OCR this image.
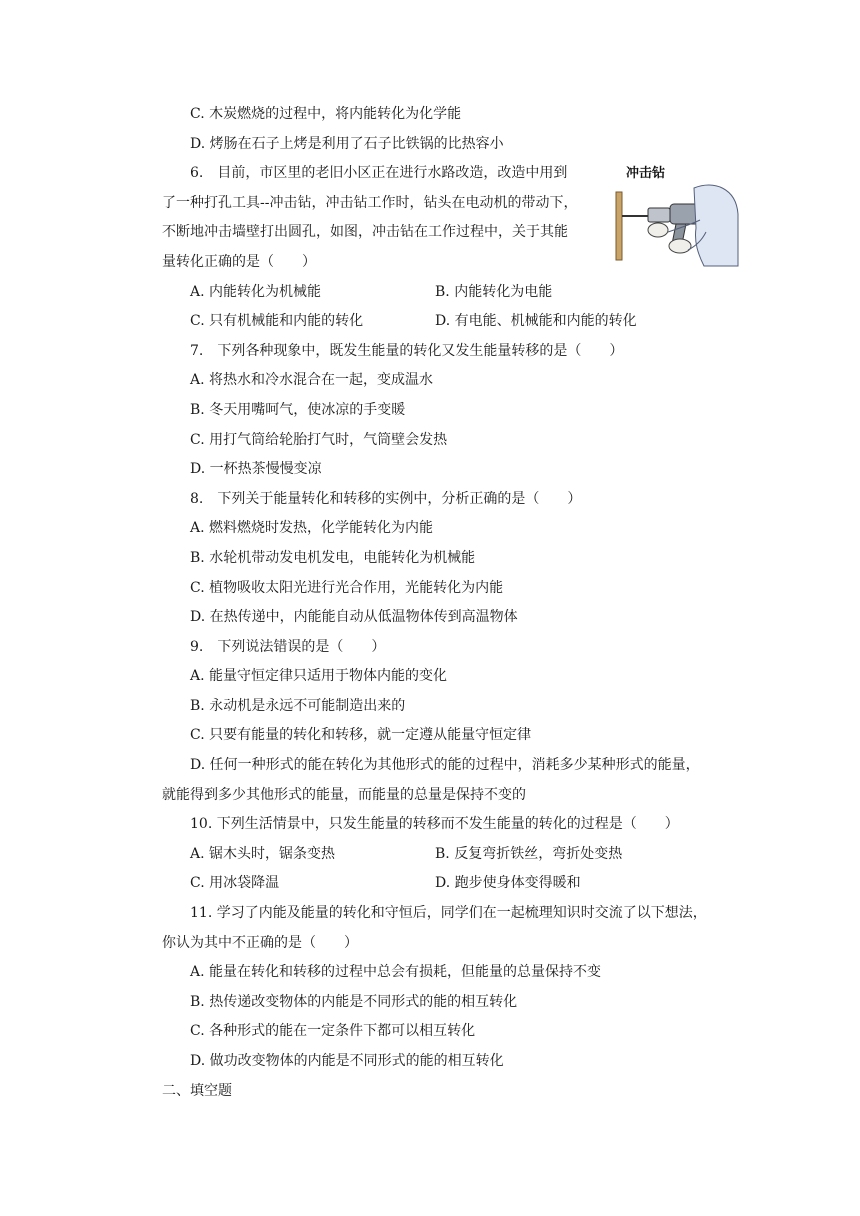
冲击钻
C. 木炭燃烧的过程中，将内能转化为化学能
D. 烤肠在石子上烤是利用了石子比铁锅的比热容小
6.　目前，市区里的老旧小区正在进行水路改造，改造中用到
了一种打孔工具--冲击钻，冲击钻工作时，钻头在电动机的带动下，
不断地冲击墙壁打出圆孔，如图，冲击钻在工作过程中，关于其能
量转化正确的是（　　）
A. 内能转化为机械能	B. 内能转化为电能
C. 只有机械能和内能的转化	D. 有电能、机械能和内能的转化
7.　下列各种现象中，既发生能量的转化又发生能量转移的是（　　）
A. 将热水和冷水混合在一起，变成温水
B. 冬天用嘴呵气，使冰凉的手变暖
C. 用打气筒给轮胎打气时，气筒壁会发热
D. 一杯热茶慢慢变凉
8.　下列关于能量转化和转移的实例中，分析正确的是（　　）
A. 燃料燃烧时发热，化学能转化为内能
B. 水轮机带动发电机发电，电能转化为机械能
C. 植物吸收太阳光进行光合作用，光能转化为内能
D. 在热传递中，内能能自动从低温物体传到高温物体
9.　下列说法错误的是（　　）
A. 能量守恒定律只适用于物体内能的变化
B. 永动机是永远不可能制造出来的
C. 只要有能量的转化和转移，就一定遵从能量守恒定律
D. 任何一种形式的能在转化为其他形式的能的过程中，消耗多少某种形式的能量，
就能得到多少其他形式的能量，而能量的总量是保持不变的
10. 下列生活情景中，只发生能量的转移而不发生能量的转化的过程是（　　）
A. 锯木头时，锯条变热	B. 反复弯折铁丝，弯折处变热
C. 用冰袋降温	D. 跑步使身体变得暖和
11. 学习了内能及能量的转化和守恒后，同学们在一起梳理知识时交流了以下想法，
你认为其中不正确的是（　　）
A. 能量在转化和转移的过程中总会有损耗，但能量的总量保持不变
B. 热传递改变物体的内能是不同形式的能的相互转化
C. 各种形式的能在一定条件下都可以相互转化
D. 做功改变物体的内能是不同形式的能的相互转化
二、填空题
